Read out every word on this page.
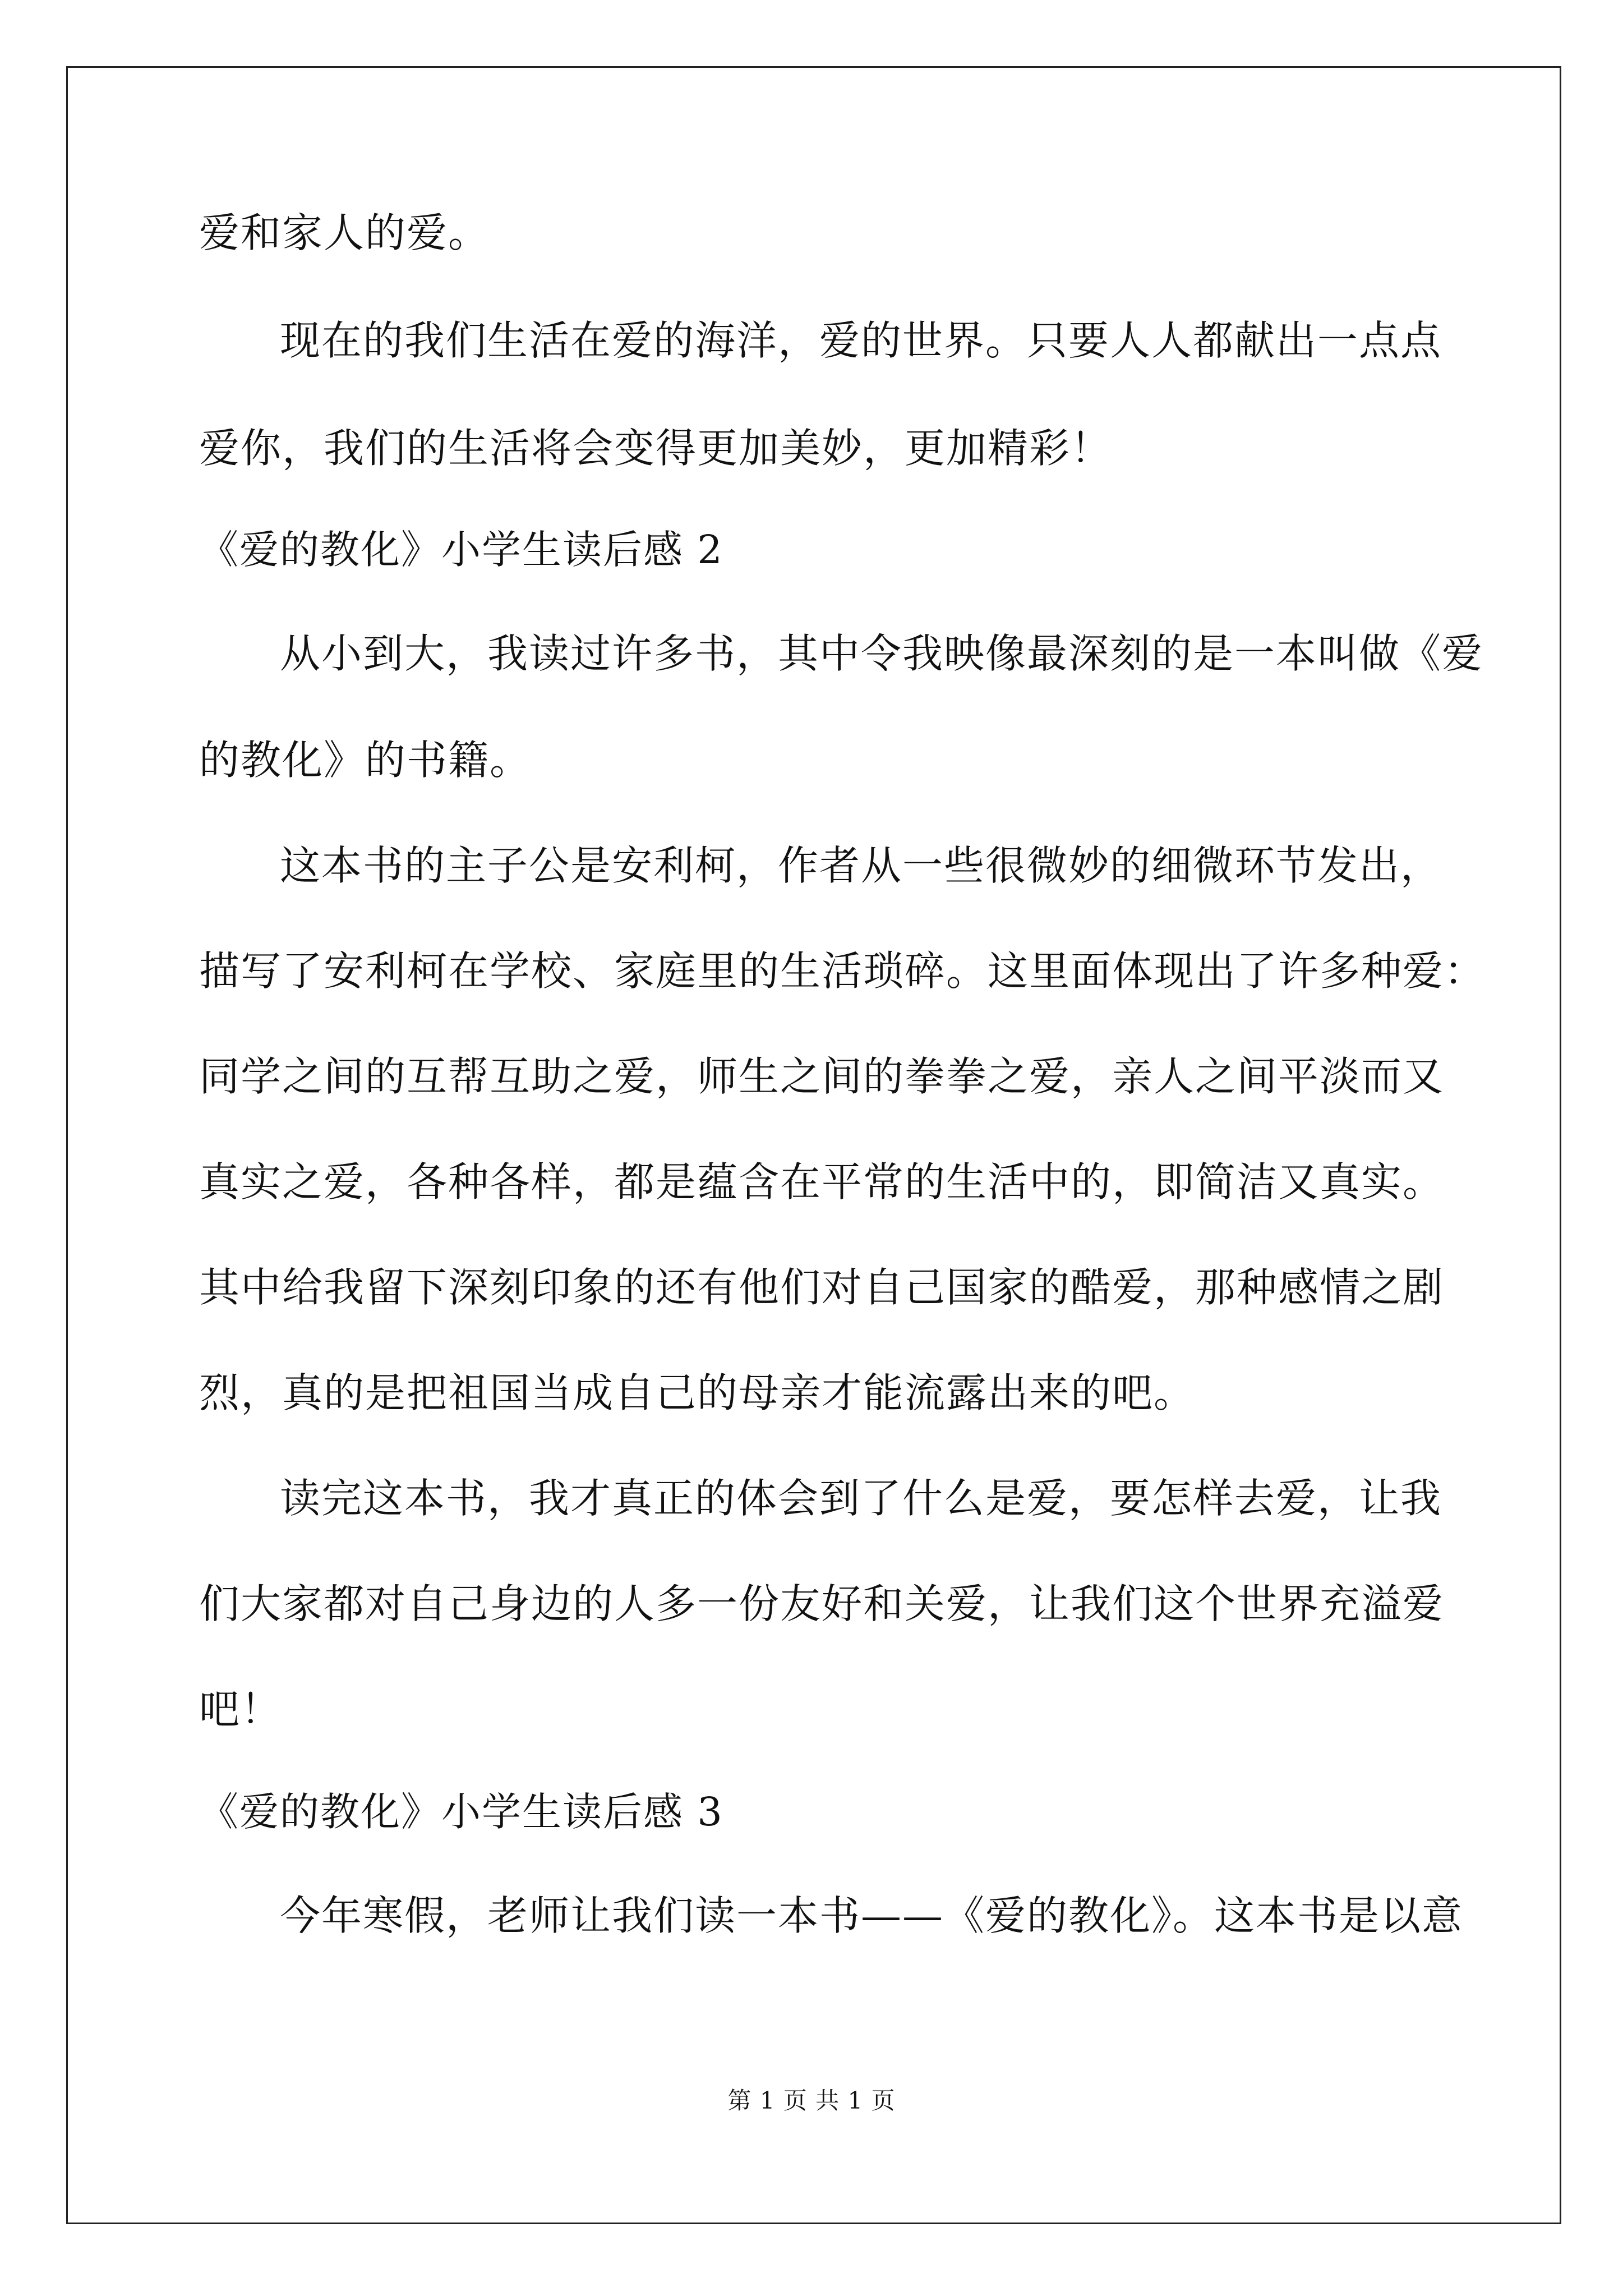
爱和家人的爱。
现在的我们生活在爱的海洋，爱的世界。只要人人都献出一点点
爱你，我们的生活将会变得更加美妙，更加精彩！
《爱的教化》小学生读后感 2
从小到大，我读过许多书，其中令我映像最深刻的是一本叫做《爱
的教化》的书籍。
这本书的主子公是安利柯，作者从一些很微妙的细微环节发出，
描写了安利柯在学校、家庭里的生活琐碎。这里面体现出了许多种爱：
同学之间的互帮互助之爱，师生之间的拳拳之爱，亲人之间平淡而又
真实之爱，各种各样，都是蕴含在平常的生活中的，即简洁又真实。
其中给我留下深刻印象的还有他们对自己国家的酷爱，那种感情之剧
烈，真的是把祖国当成自己的母亲才能流露出来的吧。
读完这本书，我才真正的体会到了什么是爱，要怎样去爱，让我
们大家都对自己身边的人多一份友好和关爱，让我们这个世界充溢爱
吧！
《爱的教化》小学生读后感 3
今年寒假，老师让我们读一本书——《爱的教化》。这本书是以意
第 1 页 共 1 页
